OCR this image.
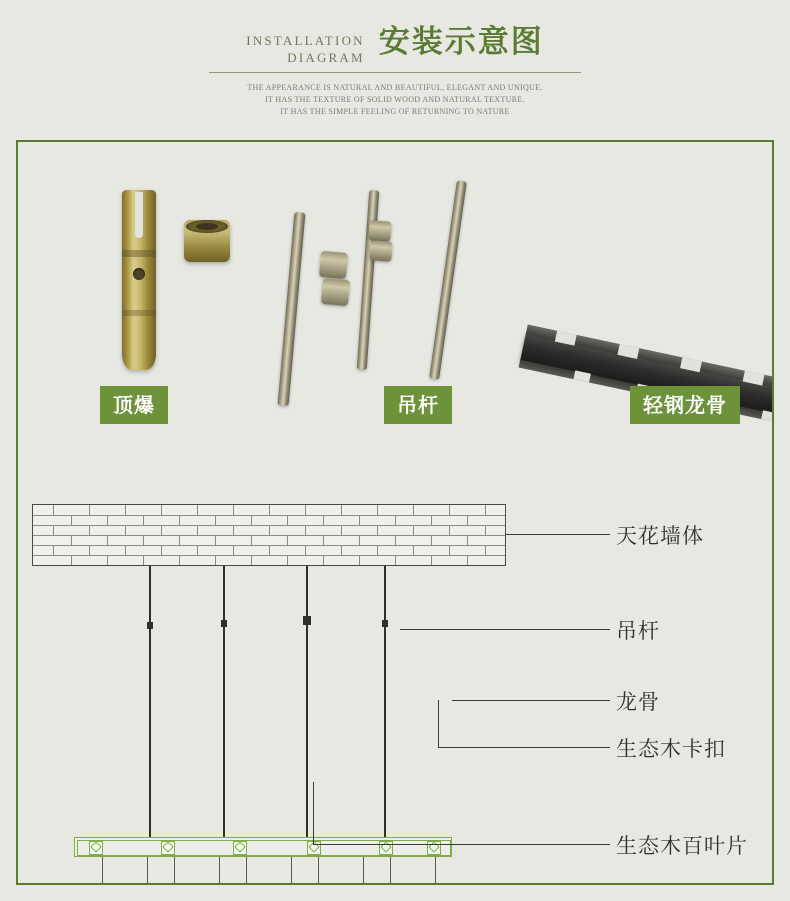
INSTALLATION
DIAGRAM 安装示意图
THE APPEARANCE IS NATURAL AND BEAUTIFUL, ELEGANT AND UNIQUE.
IT HAS THE TEXTURE OF SOLID WOOD AND NATURAL TEXTURE.
IT HAS THE SIMPLE FEELING OF RETURNING TO NATURE
顶爆	吊杆	轻钢龙骨
天花墙体
吊杆
龙骨
生态木卡扣
生态木百叶片
